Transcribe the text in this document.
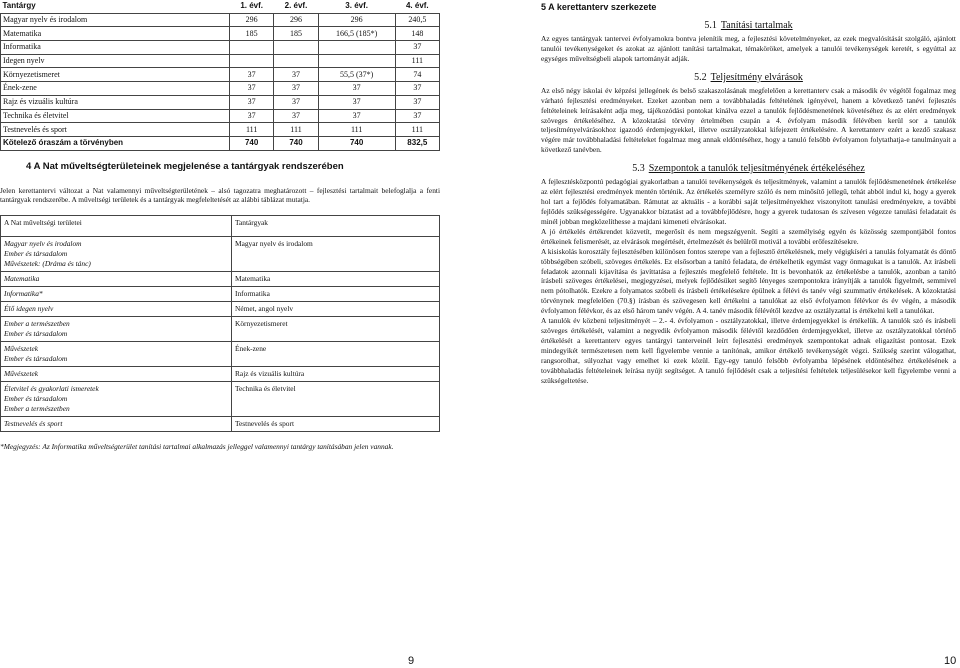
Tantárgy	1. évf.	2. évf.	3. évf.	4. évf.
Magyar nyelv és irodalom	296	296	296	240,5
Matematika	185	185	166,5 (185*)	148
Informatika				37
Idegen nyelv				111
Környezetismeret	37	37	55,5 (37*)	74
Ének-zene	37	37	37	37
Rajz és vizuális kultúra	37	37	37	37
Technika és életvitel	37	37	37	37
Testnevelés és sport	111	111	111	111
Kötelező óraszám a törvényben	740	740	740	832,5
4 A Nat műveltségterületeinek megjelenése a tantárgyak rendszerében

Jelen kerettantervi változat a Nat valamennyi műveltségterületének – alsó tagozatra meghatározott – fejlesztési tartalmait belefoglalja a fenti tantárgyak rendszerébe. A műveltségi területek és a tantárgyak megfeleltetését az alábbi táblázat mutatja.

A Nat műveltségi területei	Tantárgyak

Magyar nyelv és irodalom
Ember és társadalom
Művészetek: (Dráma és tánc)	Magyar nyelv és irodalom

Matematika	Matematika

Informatika*	Informatika

Élő idegen nyelv	Német, angol nyelv

Ember a természetben
Ember és társadalom	Környezetismeret

Művészetek
Ember és társadalom	Ének-zene

Művészetek	Rajz és vizuális kultúra

Életvitel és gyakorlati ismeretek
Ember és társadalom
Ember a természetben	Technika és életvitel

Testnevelés és sport	Testnevelés és sport

*Megjegyzés: Az Informatika műveltségterület tanítási tartalmai alkalmazás jelleggel valamennyi tantárgy tanításában jelen vannak.

5 A kerettanterv szerkezete
5.1 Tanítási tartalmak

Az egyes tantárgyak tantervei évfolyamokra bontva jelenítik meg, a fejlesztési követelményeket, az ezek megvalósítását szolgáló, ajánlott tanulói tevékenységeket és azokat az ajánlott tanítási tartalmakat, témaköröket, amelyek a tanulói tevékenységek keretét, s egyúttal az egységes műveltségbeli alapok tartományát adják.

5.2 Teljesítmény elvárások

Az első négy iskolai év képzési jellegének és belső szakaszolásának megfelelően a kerettanterv csak a második év végétől fogalmaz meg várható fejlesztési eredményeket. Ezeket azonban nem a továbbhaladás feltételének igényével, hanem a következő tanévi fejlesztés feltételeinek leírásaként adja meg, tájékozódási pontokat kínálva ezzel a tanulók fejlődésmenetének követéséhez és az elért eredmények szöveges értékeléséhez. A közoktatási törvény értelmében csupán a 4. évfolyam második félévében kerül sor a tanulók teljesítményelvárásokhoz igazodó érdemjegyekkel, illetve osztályzatokkal kifejezett értékelésére. A kerettanterv ezért a kezdő szakasz végére már továbbhaladási feltételeket fogalmaz meg annak eldöntéséhez, hogy a tanuló felsőbb évfolyamon folytathatja-e tanulmányait a következő tanévben.

5.3 Szempontok a tanulók teljesítményének értékeléséhez

A fejlesztésközpontú pedagógiai gyakorlatban a tanulói tevékenységek és teljesítmények, valamint a tanulók fejlődésmenetének értékelése az elért fejlesztési eredmények mentén történik. Az értékelés személyre szóló és nem minősítő jellegű, tehát abból indul ki, hogy a gyerek hol tart a fejlődés folyamatában. Rámutat az aktuális - a korábbi saját teljesítményekhez viszonyított tanulási eredményekre, a további fejlődés szükségességére. Ugyanakkor bíztatást ad a továbbfejlődésre, hogy a gyerek tudatosan és szívesen végezze tanulási feladatait és minél jobban megközelíthesse a majdani kimeneti elvárásokat.

A jó értékelés értékrendet közvetít, megerősít és nem megszégyenít. Segíti a személyiség egyén és közösség szempontjából fontos értékeinek felismerését, az elvárások megértését, értelmezését és belülről motivál a további erőfeszítésekre.

A kisiskolás korosztály fejlesztésében különösen fontos szerepe van a fejlesztő értékelésnek, mely végigkíséri a tanulás folyamatát és döntő többségében szóbeli, szöveges értékelés. Ez elsősorban a tanító feladata, de értékelhetik egymást vagy önmagukat is a tanulók. Az írásbeli feladatok azonnali kijavítása és javíttatása a fejlesztés megfelelő feltétele. Itt is bevonhatók az értékelésbe a tanulók, azonban a tanító írásbeli szöveges értékelései, megjegyzései, melyek fejlődésüket segítő lényeges szempontokra irányítják a tanulók figyelmét, semmivel nem pótolhatók. Ezekre a folyamatos szóbeli és írásbeli értékelésekre épülnek a félévi és tanév végi szummatív értékelések. A közoktatási törvénynek megfelelően (70.§) írásban és szövegesen kell értékelni a tanulókat az első évfolyamon félévkor és év végén, a második évfolyamon félévkor, és az első három tanév végén. A 4. tanév második félévétől kezdve az osztályzattal is értékelni kell a tanulókat.

A tanulók év közbeni teljesítményét – 2.- 4. évfolyamon - osztályzatokkal, illetve érdemjegyekkel is értékelük. A tanulók szó és írásbeli szöveges értékelését, valamint a negyedik évfolyamon második félévtől kezdődően érdemjegyekkel, illetve az osztályzatokkal történő értékelését a kerettanterv egyes tantárgyi tanterveinél leírt fejlesztési eredmények szempontokat adnak eligazítást pontosat. Ezek mindegyikét természetesen nem kell figyelembe vennie a tanítónak, amikor értékelő tevékenységét végzi. Szükség szerint válogathat, rangsorolhat, súlyozhat vagy emelhet ki ezek közül. Egy-egy tanuló felsőbb évfolyamba lépésének eldöntéséhez értékelésének a továbbhaladás feltételeinek leírása nyújt segítséget. A tanuló fejlődését csak a teljesítési feltételek teljesülésekor kell figyelembe venni a szükségeltetése.

9	10
